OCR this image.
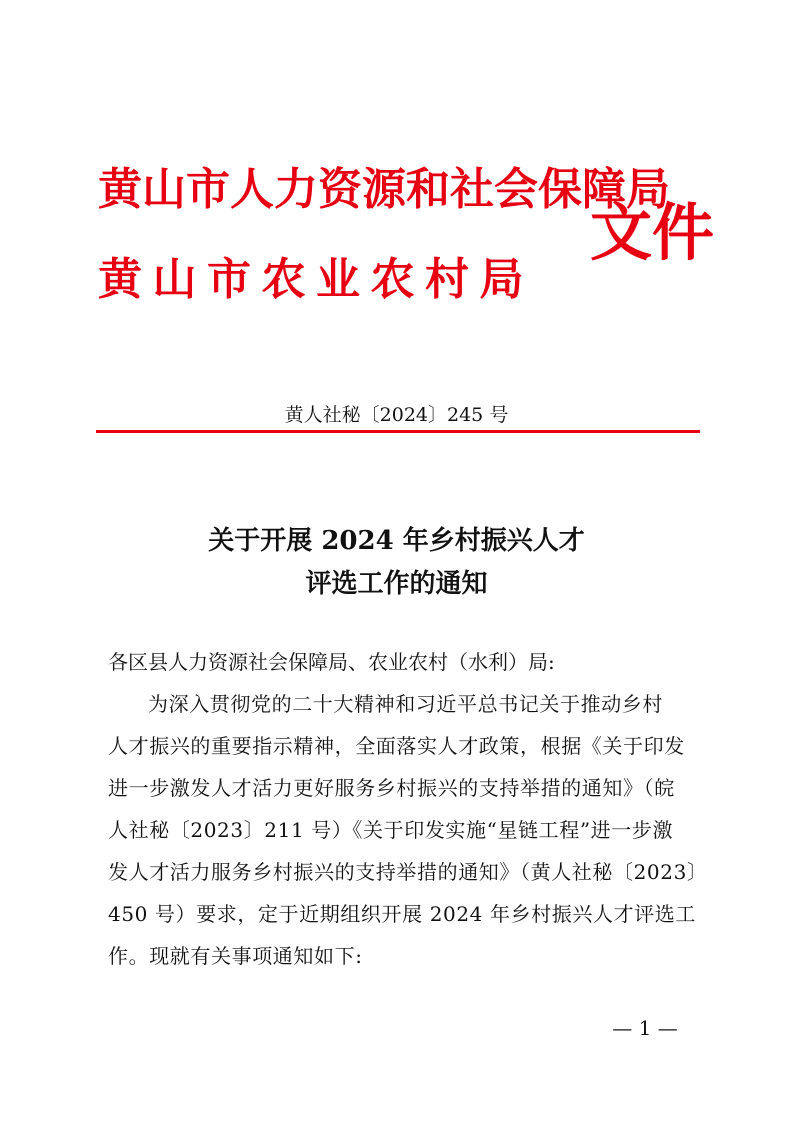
黄山市人力资源和社会保障局
黄山市农业农村局
文件
黄人社秘〔2024〕245 号
关于开展 2024 年乡村振兴人才
评选工作的通知
各区县人力资源社会保障局、农业农村（水利）局:
为深入贯彻党的二十大精神和习近平总书记关于推动乡村
人才振兴的重要指示精神，全面落实人才政策，根据《关于印发
进一步激发人才活力更好服务乡村振兴的支持举措的通知》（皖
人社秘〔2023〕211 号）《关于印发实施“星链工程”进一步激
发人才活力服务乡村振兴的支持举措的通知》（黄人社秘〔2023〕
450 号）要求，定于近期组织开展 2024 年乡村振兴人才评选工
作。现就有关事项通知如下:
— 1 —
